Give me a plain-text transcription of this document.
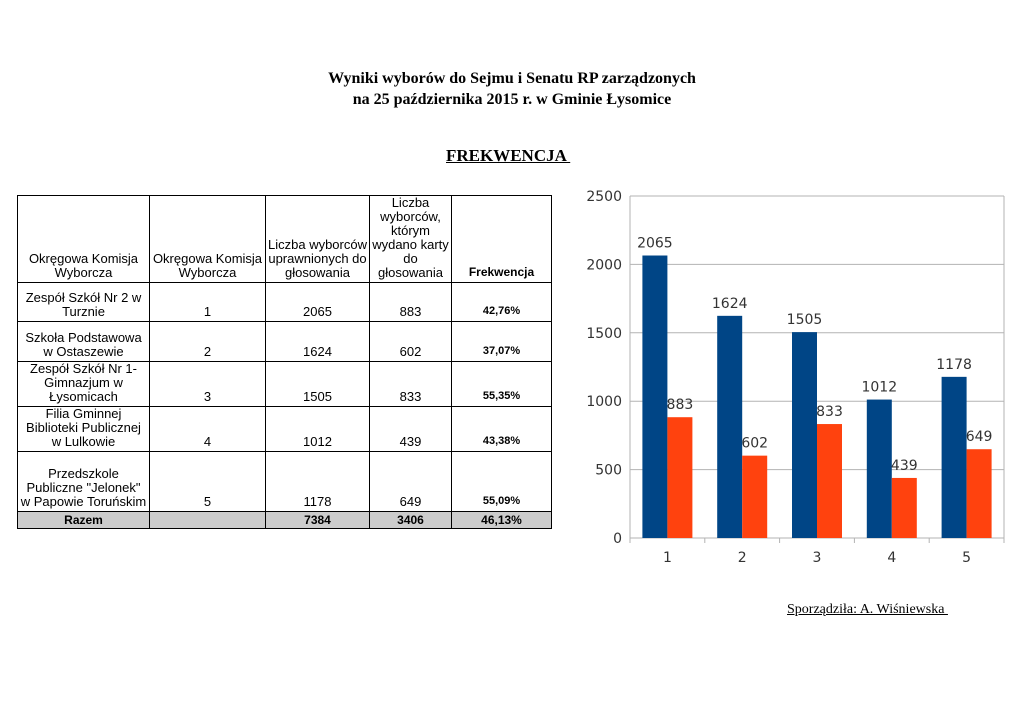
Wyniki wyborów do Sejmu i Senatu RP zarządzonych
na 25 października 2015 r. w Gminie Łysomice
FREKWENCJA
Okręgowa Komisja Wyborcza	Okręgowa Komisja Wyborcza	Liczba wyborców uprawnionych do głosowania	Liczba wyborców, którym wydano karty do głosowania	Frekwencja
Zespół Szkół Nr 2 w Turznie	1	2065	883	42,76%
Szkoła Podstawowa w Ostaszewie	2	1624	602	37,07%
Zespół Szkół Nr 1- Gimnazjum w Łysomicach	3	1505	833	55,35%
Filia Gminnej Biblioteki Publicznej w Lulkowie	4	1012	439	43,38%
Przedszkole Publiczne "Jelonek" w Papowie Toruńskim	5	1178	649	55,09%
Razem		7384	3406	46,13%
0
500
1000
1500
2000
2500
1
2065
883
2
1624
602
3
1505
833
4
1012
439
5
1178
649
Sporządziła: A. Wiśniewska
